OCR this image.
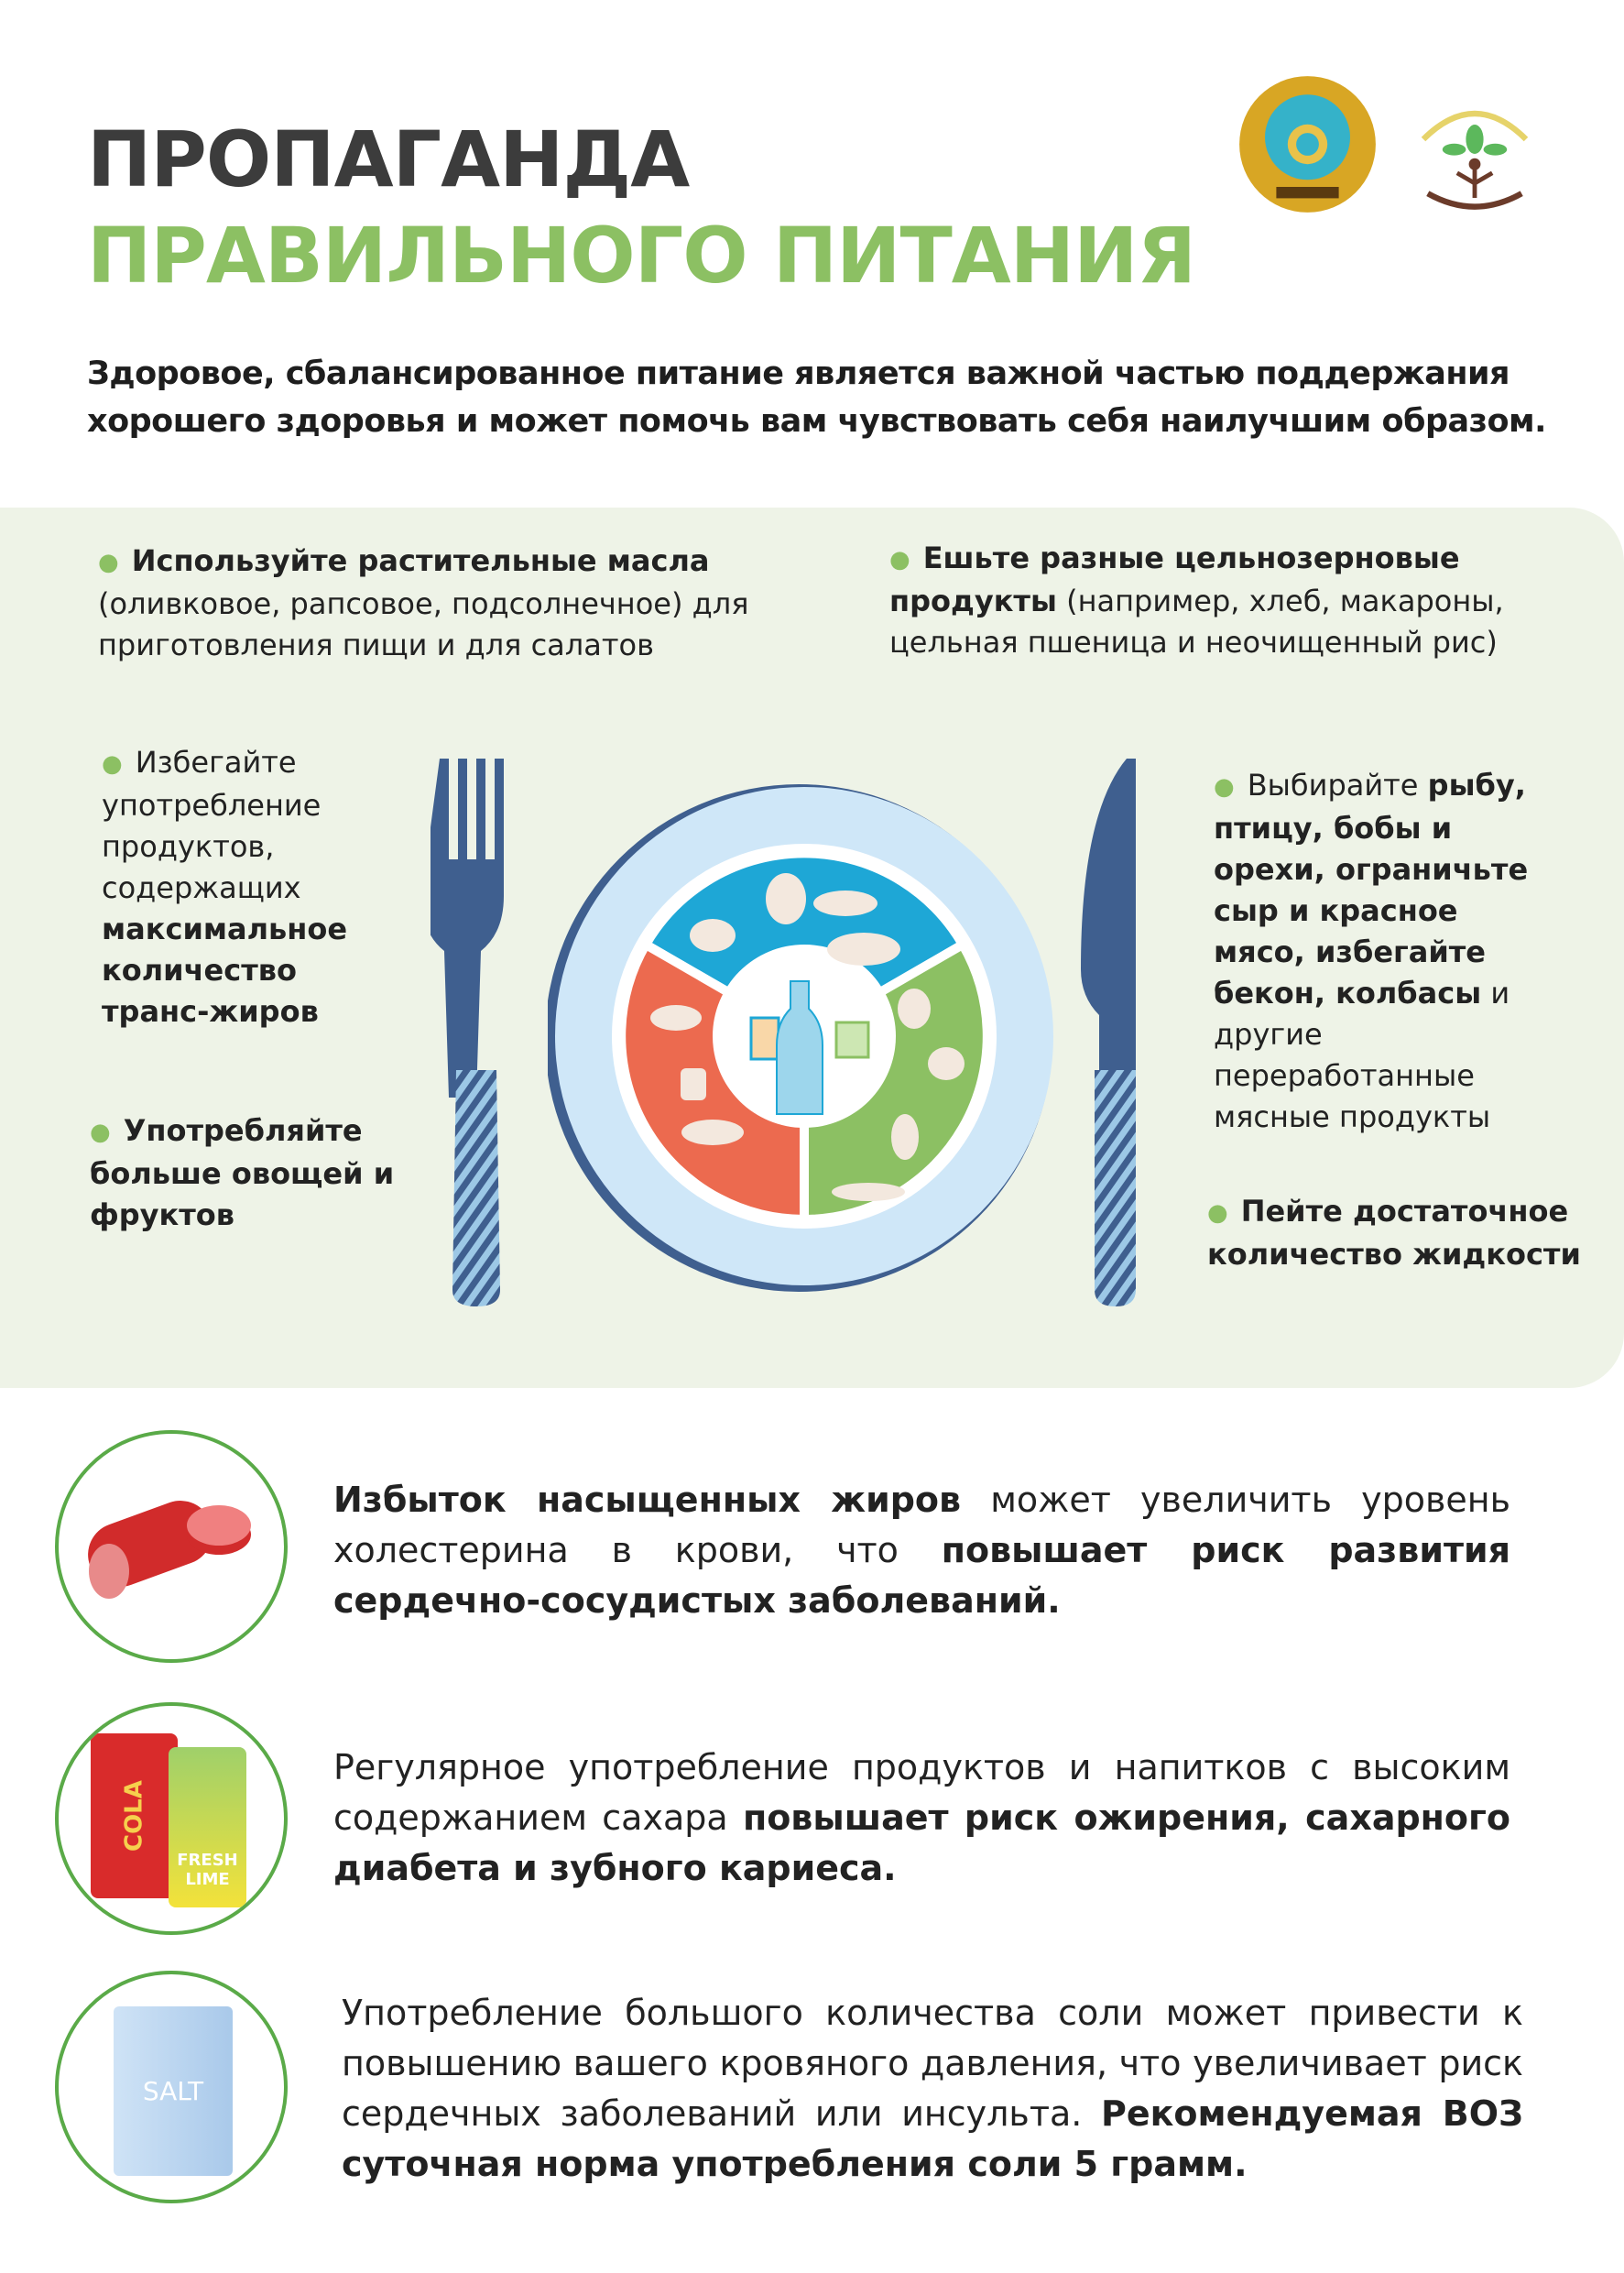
ПРОПАГАНДА
ПРАВИЛЬНОГО ПИТАНИЯ
Здоровое, сбалансированное питание является важной частью поддержания хорошего здоровья и может помочь вам чувствовать себя наилучшим образом.
● Используйте растительные масла
(оливковое, рапсовое, подсолнечное) для приготовления пищи и для салатов
● Ешьте разные цельнозерновые продукты (например, хлеб, макароны, цельная пшеница и неочищенный рис)
● Избегайте употребление продуктов, содержащих максимальное количество транс-жиров
● Употребляйте больше овощей и фруктов
● Выбирайте рыбу, птицу, бобы и орехи, ограничьте сыр и красное мясо, избегайте бекон, колбасы и другие переработанные мясные продукты
● Пейте достаточное количество жидкости
Избыток насыщенных жиров может увеличить уровень холестерина в крови, что повышает риск развития сердечно-сосудистых заболеваний.
COLA
FRESH LIME
Регулярное употребление продуктов и напитков с высоким содержанием сахара повышает риск ожирения, сахарного диабета и зубного кариеса.
SALT
Употребление большого количества соли может привести к повышению вашего кровяного давления, что увеличивает риск сердечных заболеваний или инсульта. Рекомендуемая ВОЗ суточная норма употребления соли 5 грамм.
